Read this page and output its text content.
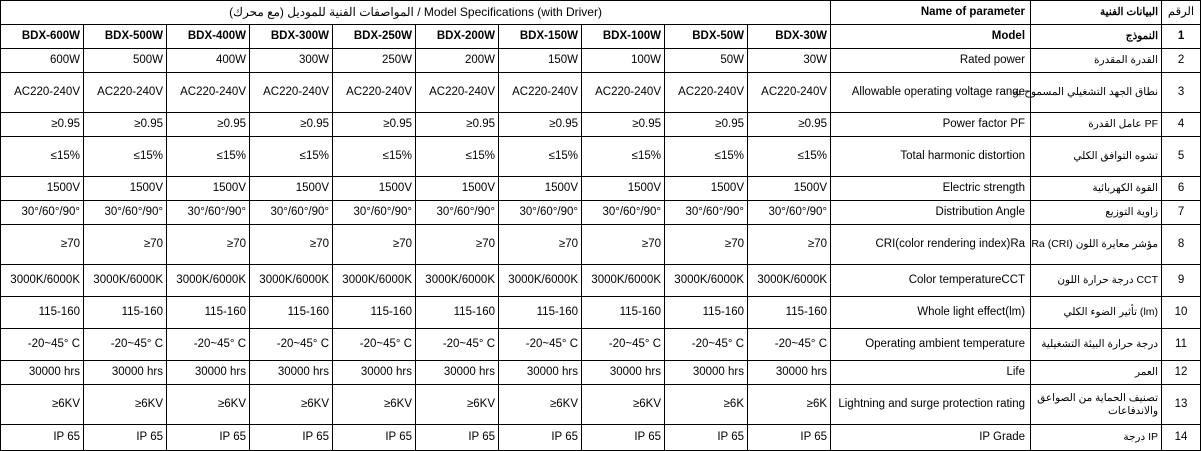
(مع محرك) المواصفات الفنية للموديل / Model Specifications (with Driver)										Name of parameter	البيانات الفنية	الرقم
BDX-600W	BDX-500W	BDX-400W	BDX-300W	BDX-250W	BDX-200W	BDX-150W	BDX-100W	BDX-50W	BDX-30W	Model	النموذج	1
600W	500W	400W	300W	250W	200W	150W	100W	50W	30W	Rated power	القدرة المقدرة	2
AC220-240V	AC220-240V	AC220-240V	AC220-240V	AC220-240V	AC220-240V	AC220-240V	AC220-240V	AC220-240V	AC220-240V	Allowable operating voltage range	نطاق الجهد التشغيلي المسموح به	3
≥0.95	≥0.95	≥0.95	≥0.95	≥0.95	≥0.95	≥0.95	≥0.95	≥0.95	≥0.95	Power factor PF	PF عامل القدرة	4
≤15%	≤15%	≤15%	≤15%	≤15%	≤15%	≤15%	≤15%	≤15%	≤15%	Total harmonic distortion	تشوه التوافق الكلي	5
1500V	1500V	1500V	1500V	1500V	1500V	1500V	1500V	1500V	1500V	Electric strength	القوة الكهربائية	6
30°/60°/90°	30°/60°/90°	30°/60°/90°	30°/60°/90°	30°/60°/90°	30°/60°/90°	30°/60°/90°	30°/60°/90°	30°/60°/90°	30°/60°/90°	Distribution Angle	زاوية التوزيع	7
≥70	≥70	≥70	≥70	≥70	≥70	≥70	≥70	≥70	≥70	CRI(color rendering index)Ra	مؤشر معايرة اللون (CRI) Ra	8
3000K/6000K	3000K/6000K	3000K/6000K	3000K/6000K	3000K/6000K	3000K/6000K	3000K/6000K	3000K/6000K	3000K/6000K	3000K/6000K	Color temperatureCCT	CCT درجة حرارة اللون	9
115-160	115-160	115-160	115-160	115-160	115-160	115-160	115-160	115-160	115-160	Whole light effect(lm)	(lm) تأثير الضوء الكلي	10
-20~45° C	-20~45° C	-20~45° C	-20~45° C	-20~45° C	-20~45° C	-20~45° C	-20~45° C	-20~45° C	-20~45° C	Operating ambient temperature	درجة حرارة البيئة التشغيلية	11
30000 hrs	30000 hrs	30000 hrs	30000 hrs	30000 hrs	30000 hrs	30000 hrs	30000 hrs	30000 hrs	30000 hrs	Life	العمر	12
≥6KV	≥6KV	≥6KV	≥6KV	≥6KV	≥6KV	≥6KV	≥6KV	≥6K	≥6K	Lightning and surge protection rating	تصنيف الحماية من الصواعق والاندفاعات	13
IP 65	IP 65	IP 65	IP 65	IP 65	IP 65	IP 65	IP 65	IP 65	IP 65	IP Grade	IP درجة	14
